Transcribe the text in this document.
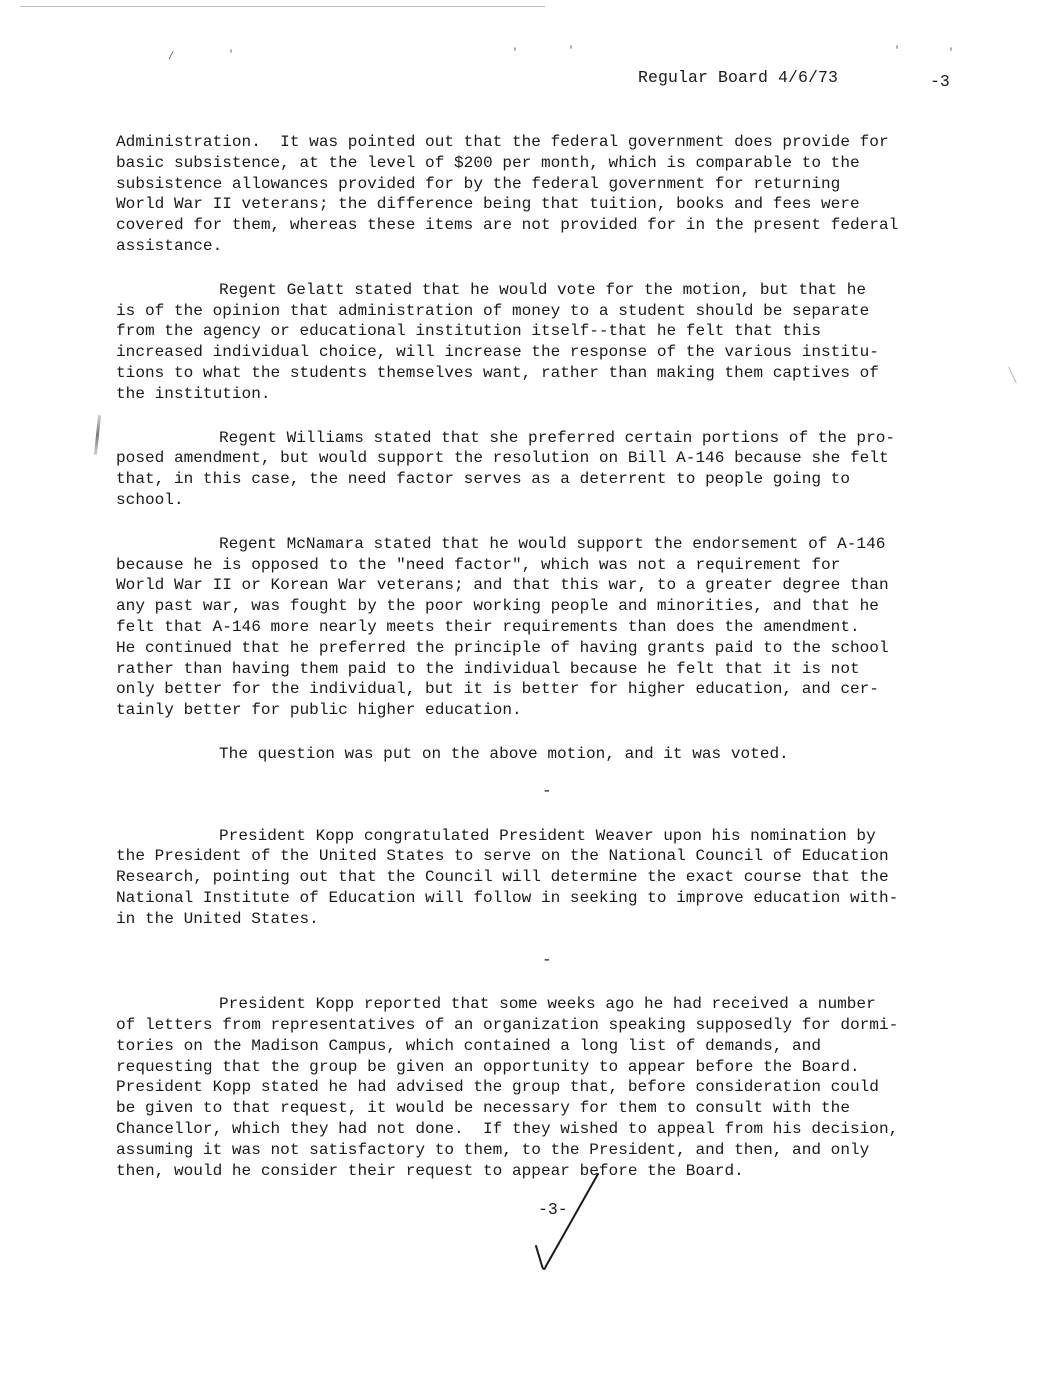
/	'	'	'	'	'
Regular Board 4/6/73	-3
Administration.  It was pointed out that the federal government does provide for
basic subsistence, at the level of $200 per month, which is comparable to the
subsistence allowances provided for by the federal government for returning
World War II veterans; the difference being that tuition, books and fees were
covered for them, whereas these items are not provided for in the present federal
assistance.
Regent Gelatt stated that he would vote for the motion, but that he
is of the opinion that administration of money to a student should be separate
from the agency or educational institution itself--that he felt that this
increased individual choice, will increase the response of the various institu-
tions to what the students themselves want, rather than making them captives of
the institution.
Regent Williams stated that she preferred certain portions of the pro-
posed amendment, but would support the resolution on Bill A-146 because she felt
that, in this case, the need factor serves as a deterrent to people going to
school.
Regent McNamara stated that he would support the endorsement of A-146
because he is opposed to the "need factor", which was not a requirement for
World War II or Korean War veterans; and that this war, to a greater degree than
any past war, was fought by the poor working people and minorities, and that he
felt that A-146 more nearly meets their requirements than does the amendment.
He continued that he preferred the principle of having grants paid to the school
rather than having them paid to the individual because he felt that it is not
only better for the individual, but it is better for higher education, and cer-
tainly better for public higher education.
The question was put on the above motion, and it was voted.
-
President Kopp congratulated President Weaver upon his nomination by
the President of the United States to serve on the National Council of Education
Research, pointing out that the Council will determine the exact course that the
National Institute of Education will follow in seeking to improve education with-
in the United States.
-
President Kopp reported that some weeks ago he had received a number
of letters from representatives of an organization speaking supposedly for dormi-
tories on the Madison Campus, which contained a long list of demands, and
requesting that the group be given an opportunity to appear before the Board.
President Kopp stated he had advised the group that, before consideration could
be given to that request, it would be necessary for them to consult with the
Chancellor, which they had not done.  If they wished to appeal from his decision,
assuming it was not satisfactory to them, to the President, and then, and only
then, would he consider their request to appear before the Board.
-3-
